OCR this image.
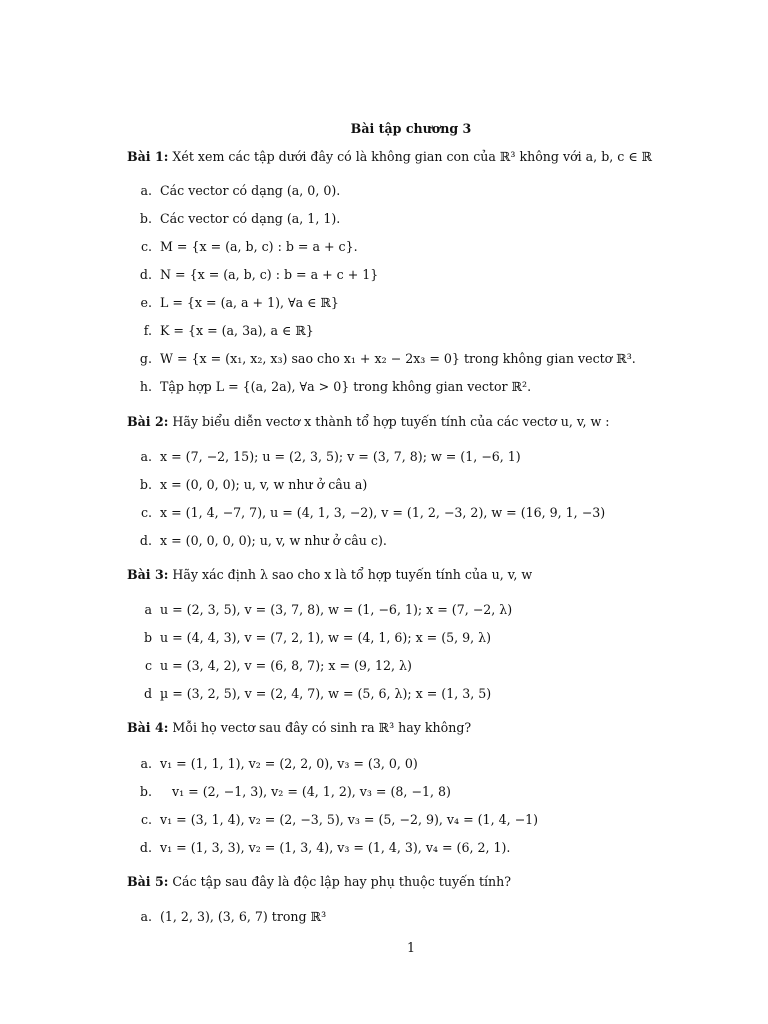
Bài tập chương 3
Bài 1: Xét xem các tập dưới đây có là không gian con của ℝ³ không với a, b, c ∈ ℝ
a. Các vector có dạng (a, 0, 0).
b. Các vector có dạng (a, 1, 1).
c. M = {x = (a, b, c) : b = a + c}.
d. N = {x = (a, b, c) : b = a + c + 1}
e. L = {x = (a, a + 1), ∀a ∈ ℝ}
f. K = {x = (a, 3a), a ∈ ℝ}
g. W = {x = (x₁, x₂, x₃) sao cho x₁ + x₂ − 2x₃ = 0} trong không gian vectơ ℝ³.
h. Tập hợp L = {(a, 2a), ∀a > 0} trong không gian vector ℝ².
Bài 2: Hãy biểu diễn vectơ x thành tổ hợp tuyến tính của các vectơ u, v, w :
a. x = (7, −2, 15); u = (2, 3, 5); v = (3, 7, 8); w = (1, −6, 1)
b. x = (0, 0, 0); u, v, w như ở câu a)
c. x = (1, 4, −7, 7), u = (4, 1, 3, −2), v = (1, 2, −3, 2), w = (16, 9, 1, −3)
d. x = (0, 0, 0, 0); u, v, w như ở câu c).
Bài 3: Hãy xác định λ sao cho x là tổ hợp tuyến tính của u, v, w
a u = (2, 3, 5), v = (3, 7, 8), w = (1, −6, 1); x = (7, −2, λ)
b u = (4, 4, 3), v = (7, 2, 1), w = (4, 1, 6); x = (5, 9, λ)
c u = (3, 4, 2), v = (6, 8, 7); x = (9, 12, λ)
d µ = (3, 2, 5), v = (2, 4, 7), w = (5, 6, λ); x = (1, 3, 5)
Bài 4: Mỗi họ vectơ sau đây có sinh ra ℝ³ hay không?
a. v₁ = (1, 1, 1), v₂ = (2, 2, 0), v₃ = (3, 0, 0)
b. v₁ = (2, −1, 3), v₂ = (4, 1, 2), v₃ = (8, −1, 8)
c. v₁ = (3, 1, 4), v₂ = (2, −3, 5), v₃ = (5, −2, 9), v₄ = (1, 4, −1)
d. v₁ = (1, 3, 3), v₂ = (1, 3, 4), v₃ = (1, 4, 3), v₄ = (6, 2, 1).
Bài 5: Các tập sau đây là độc lập hay phụ thuộc tuyến tính?
a. (1, 2, 3), (3, 6, 7) trong ℝ³
1
